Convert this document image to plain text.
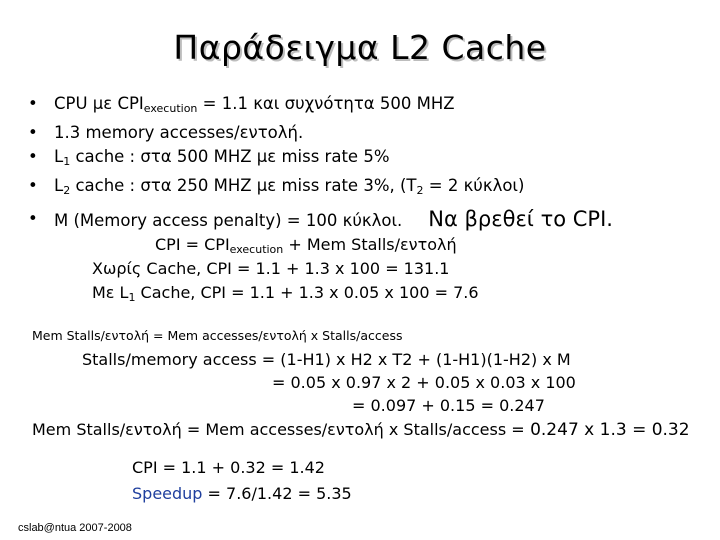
Παράδειγμα L2 Cache
• CPU με $CPI_{execution} = 1.1$ και συχνότητα 500 MHZ
• 1.3 memory accesses/εντολή.
• $L_1$ cache : στα 500 MHZ με miss rate 5%
• $L_2$ cache : στα 250 MHZ με miss rate 3%, ($T_2 = 2$ κύκλοι)
• M (Memory access penalty) = 100 κύκλοι. Να βρεθεί το CPI.
CPI = $CPI_{execution}$ + Mem Stalls/εντολή
Χωρίς Cache, CPI = 1.1 + 1.3 x 100 = 131.1
Με $L_1$ Cache, CPI = 1.1 + 1.3 x 0.05 x 100 = 7.6
Mem Stalls/εντολή = Mem accesses/εντολή x Stalls/access
Stalls/memory access = (1-H1) x H2 x T2 + (1-H1)(1-H2) x M
= 0.05 x 0.97 x 2 + 0.05 x 0.03 x 100
= 0.097 + 0.15 = 0.247
Mem Stalls/εντολή = Mem accesses/εντολή x Stalls/access = 0.247 x 1.3 = 0.32
CPI = 1.1 + 0.32 = 1.42
Speedup = 7.6/1.42 = 5.35
cslab@ntua 2007-2008
